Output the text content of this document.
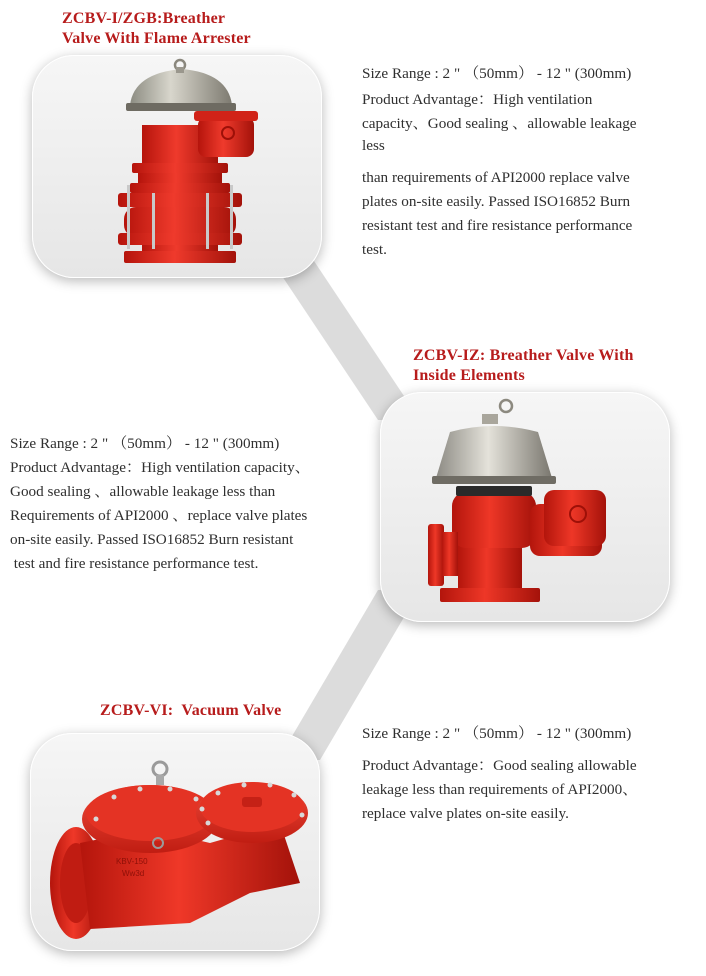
ZCBV-I/ZGB:Breather
Valve With Flame Arrester

Size Range : 2 " （50mm） - 12 " (300mm)

Product Advantage：High ventilation

capacity、Good sealing 、allowable leakage

less

than requirements of API2000 replace valve

plates on-site easily. Passed ISO16852 Burn

resistant test and fire resistance performance

test.

ZCBV-IZ: Breather Valve With
Inside Elements

Size Range : 2 " （50mm） - 12 " (300mm)

Product Advantage：High ventilation capacity、

Good sealing 、allowable leakage less than

Requirements of API2000 、replace valve plates

on-site easily. Passed ISO16852 Burn resistant

test and fire resistance performance test.

ZCBV-VI:  Vacuum Valve
KBV-150
Ww3d

Size Range : 2 " （50mm） - 12 " (300mm)

Product Advantage：Good sealing allowable

leakage less than requirements of API2000、

replace valve plates on-site easily.
